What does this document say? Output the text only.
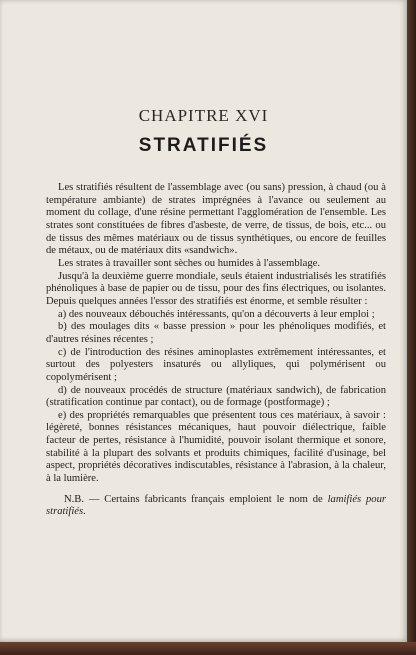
CHAPITRE XVI
STRATIFIÉS

Les stratifiés résultent de l'assemblage avec (ou sans) pression, à chaud (ou à température ambiante) de strates imprégnées à l'avance ou seulement au moment du collage, d'une résine permettant l'agglomération de l'ensemble. Les strates sont constituées de fibres d'asbeste, de verre, de tissus, de bois, etc... ou de tissus des mêmes matériaux ou de tissus synthétiques, ou encore de feuilles de métaux, ou de matériaux dits «sandwich».

Les strates à travailler sont sèches ou humides à l'assemblage.

Jusqu'à la deuxième guerre mondiale, seuls étaient industrialisés les stratifiés phénoliques à base de papier ou de tissu, pour des fins électriques, ou isolantes. Depuis quelques années l'essor des stratifiés est énorme, et semble résulter :

a) des nouveaux débouchés intéressants, qu'on a découverts à leur emploi ;

b) des moulages dits « basse pression » pour les phénoliques modifiés, et d'autres résines récentes ;

c) de l'introduction des résines aminoplastes extrêmement intéressantes, et surtout des polyesters insaturés ou allyliques, qui polymérisent ou copolymérisent ;

d) de nouveaux procédés de structure (matériaux sandwich), de fabrication (stratification continue par contact), ou de formage (postformage) ;

e) des propriétés remarquables que présentent tous ces matériaux, à savoir : légèreté, bonnes résistances mécaniques, haut pouvoir diélectrique, faible facteur de pertes, résistance à l'humidité, pouvoir isolant thermique et sonore, stabilité à la plupart des solvants et produits chimiques, facilité d'usinage, bel aspect, propriétés décoratives indiscutables, résistance à l'abrasion, à la chaleur, à la lumière.

N.B. — Certains fabricants français emploient le nom de lamifiés pour stratifiés.
